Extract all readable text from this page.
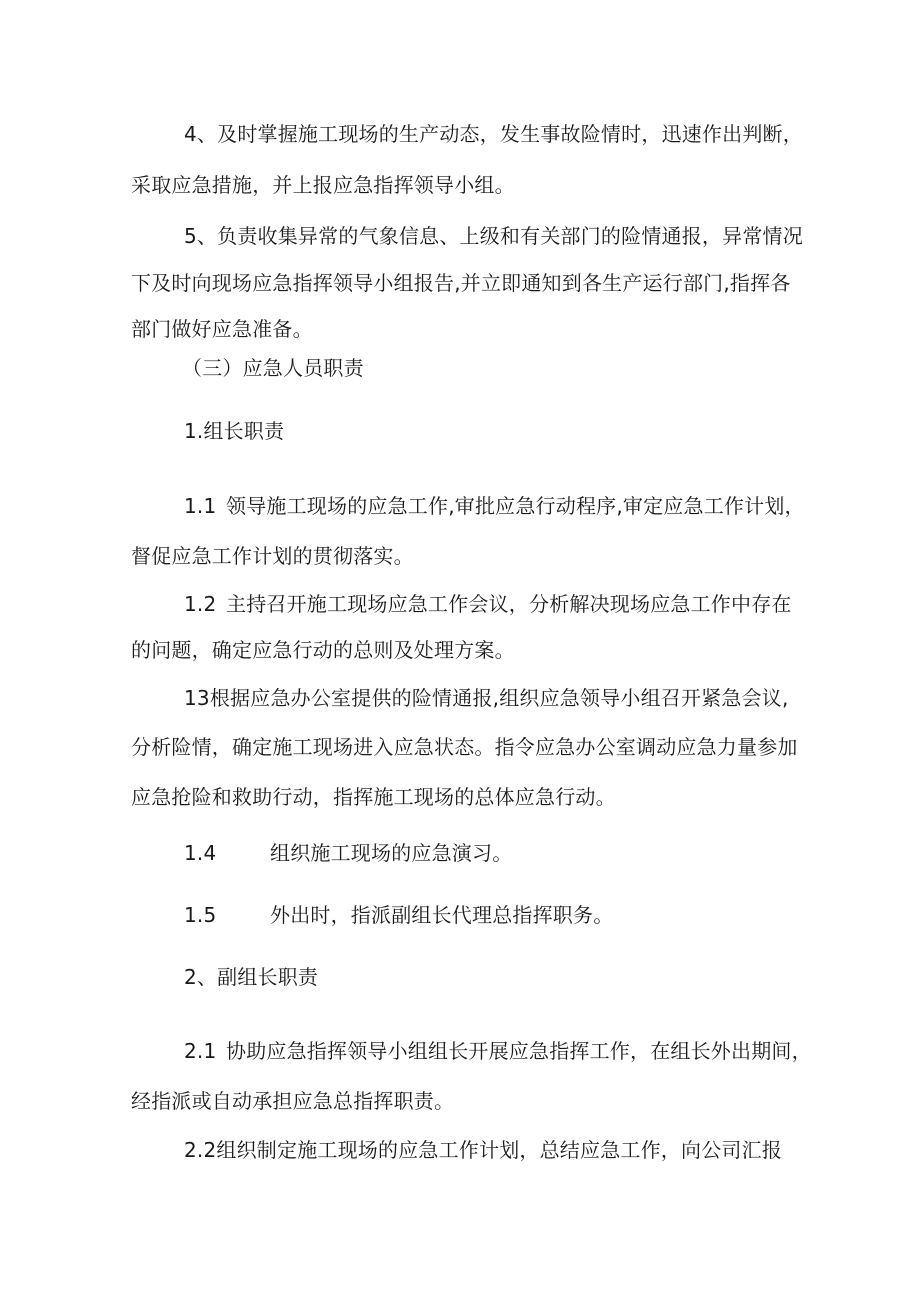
4、及时掌握施工现场的生产动态，发生事故险情时，迅速作出判断，
采取应急措施，并上报应急指挥领导小组。
5、负责收集异常的气象信息、上级和有关部门的险情通报，异常情况
下及时向现场应急指挥领导小组报告,并立即通知到各生产运行部门,指挥各
部门做好应急准备。
（三）应急人员职责
1.组长职责
1.1 领导施工现场的应急工作,审批应急行动程序,审定应急工作计划，
督促应急工作计划的贯彻落实。
1.2 主持召开施工现场应急工作会议，分析解决现场应急工作中存在
的问题，确定应急行动的总则及处理方案。
13根据应急办公室提供的险情通报,组织应急领导小组召开紧急会议,
分析险情，确定施工现场进入应急状态。指令应急办公室调动应急力量参加
应急抢险和救助行动，指挥施工现场的总体应急行动。
1.4	组织施工现场的应急演习。
1.5	外出时，指派副组长代理总指挥职务。
2、副组长职责
2.1 协助应急指挥领导小组组长开展应急指挥工作，在组长外出期间，
经指派或自动承担应急总指挥职责。
2.2组织制定施工现场的应急工作计划，总结应急工作，向公司汇报
